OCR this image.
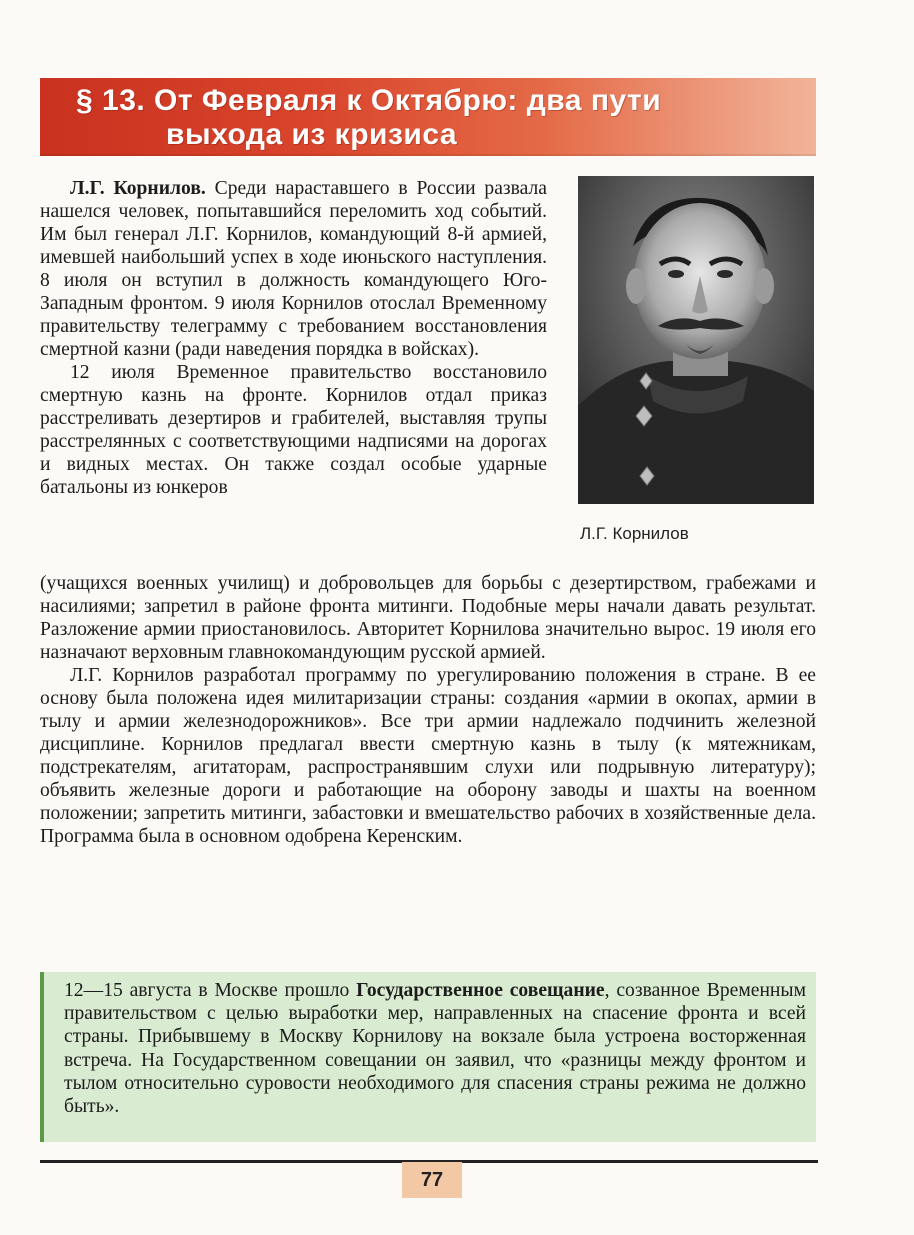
§ 13. От Февраля к Октябрю: два пути
выхода из кризиса
Л.Г. Корнилов

Л.Г. Корнилов. Среди нараставшего в России развала нашелся человек, попытавшийся переломить ход событий. Им был генерал Л.Г. Корнилов, командующий 8-й армией, имевшей наибольший успех в ходе июньского наступления. 8 июля он вступил в должность командующего Юго-Западным фронтом. 9 июля Корнилов отослал Временному правительству телеграмму с требованием восстановления смертной казни (ради наведения порядка в войсках).

12 июля Временное правительство восстановило смертную казнь на фронте. Корнилов отдал приказ расстреливать дезертиров и грабителей, выставляя трупы расстрелянных с соответствующими надписями на дорогах и видных местах. Он также создал особые ударные батальоны из юнкеров

(учащихся военных училищ) и добровольцев для борьбы с дезертирством, грабежами и насилиями; запретил в районе фронта митинги. Подобные меры начали давать результат. Разложение армии приостановилось. Авторитет Корнилова значительно вырос. 19 июля его назначают верховным главнокомандующим русской армией.

Л.Г. Корнилов разработал программу по урегулированию положения в стране. В ее основу была положена идея милитаризации страны: создания «армии в окопах, армии в тылу и армии железнодорожников». Все три армии надлежало подчинить железной дисциплине. Корнилов предлагал ввести смертную казнь в тылу (к мятежникам, подстрекателям, агитаторам, распространявшим слухи или подрывную литературу); объявить железные дороги и работающие на оборону заводы и шахты на военном положении; запретить митинги, забастовки и вмешательство рабочих в хозяйственные дела. Программа была в основном одобрена Керенским.

12—15 августа в Москве прошло Государственное совещание, созванное Временным правительством с целью выработки мер, направленных на спасение фронта и всей страны. Прибывшему в Москву Корнилову на вокзале была устроена восторженная встреча. На Государственном совещании он заявил, что «разницы между фронтом и тылом относительно суровости необходимого для спасения страны режима не должно быть».

77
